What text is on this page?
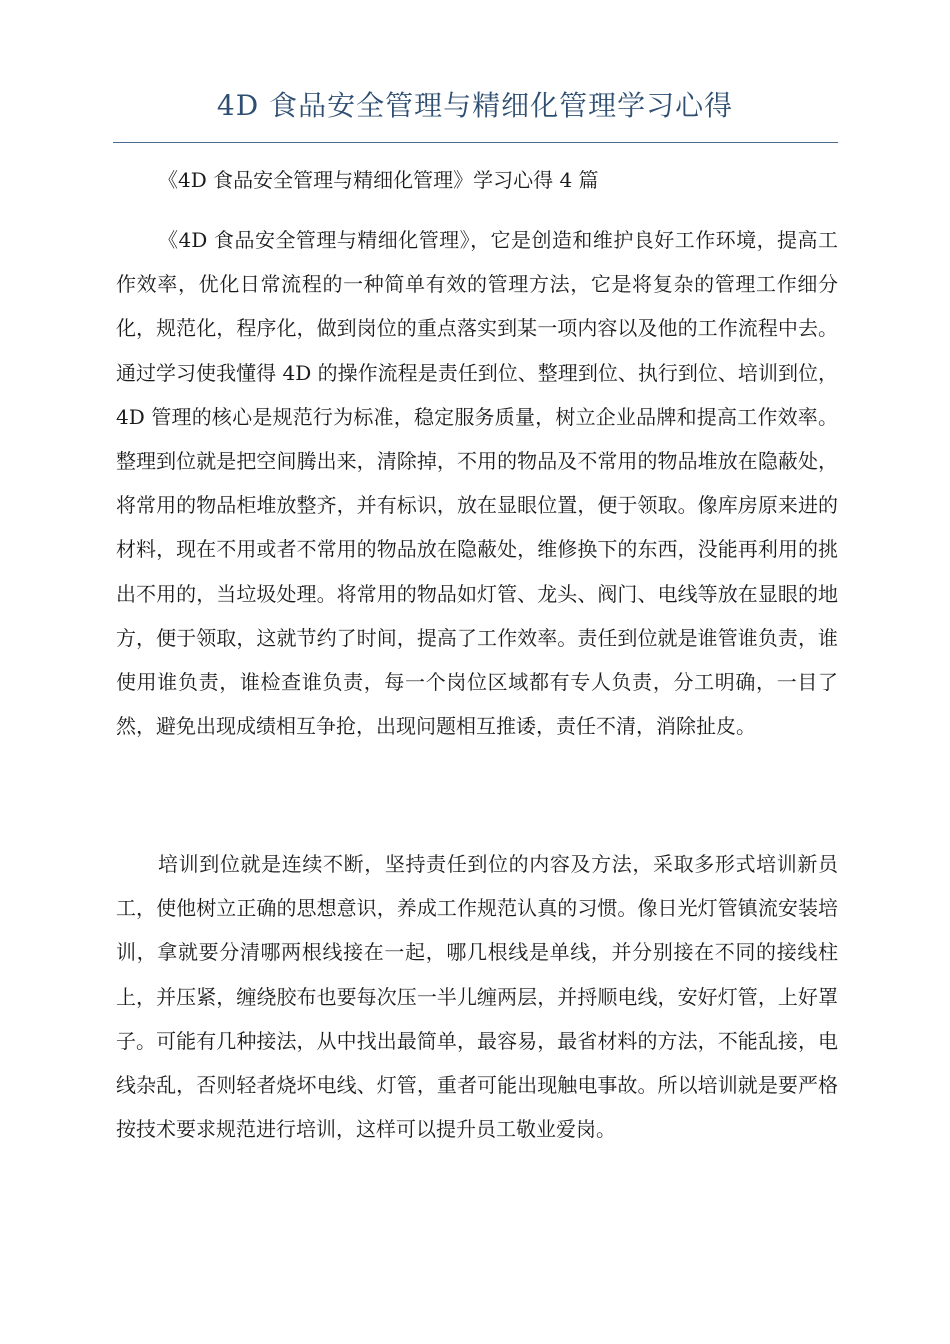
4D 食品安全管理与精细化管理学习心得

《4D 食品安全管理与精细化管理》学习心得 4 篇

《4D 食品安全管理与精细化管理》，它是创造和维护良好工作环境，提高工作效率，优化日常流程的一种简单有效的管理方法，它是将复杂的管理工作细分化，规范化，程序化，做到岗位的重点落实到某一项内容以及他的工作流程中去。通过学习使我懂得 4D 的操作流程是责任到位、整理到位、执行到位、培训到位，4D 管理的核心是规范行为标准，稳定服务质量，树立企业品牌和提高工作效率。整理到位就是把空间腾出来，清除掉，不用的物品及不常用的物品堆放在隐蔽处，将常用的物品柜堆放整齐，并有标识，放在显眼位置，便于领取。像库房原来进的材料，现在不用或者不常用的物品放在隐蔽处，维修换下的东西，没能再利用的挑出不用的，当垃圾处理。将常用的物品如灯管、龙头、阀门、电线等放在显眼的地方，便于领取，这就节约了时间，提高了工作效率。责任到位就是谁管谁负责，谁使用谁负责，谁检查谁负责，每一个岗位区域都有专人负责，分工明确，一目了然，避免出现成绩相互争抢，出现问题相互推诿，责任不清，消除扯皮。

培训到位就是连续不断，坚持责任到位的内容及方法，采取多形式培训新员工，使他树立正确的思想意识，养成工作规范认真的习惯。像日光灯管镇流安装培训，拿就要分清哪两根线接在一起，哪几根线是单线，并分别接在不同的接线柱上，并压紧，缠绕胶布也要每次压一半儿缠两层，并捋顺电线，安好灯管，上好罩子。可能有几种接法，从中找出最简单，最容易，最省材料的方法，不能乱接，电线杂乱，否则轻者烧坏电线、灯管，重者可能出现触电事故。所以培训就是要严格按技术要求规范进行培训，这样可以提升员工敬业爱岗。
